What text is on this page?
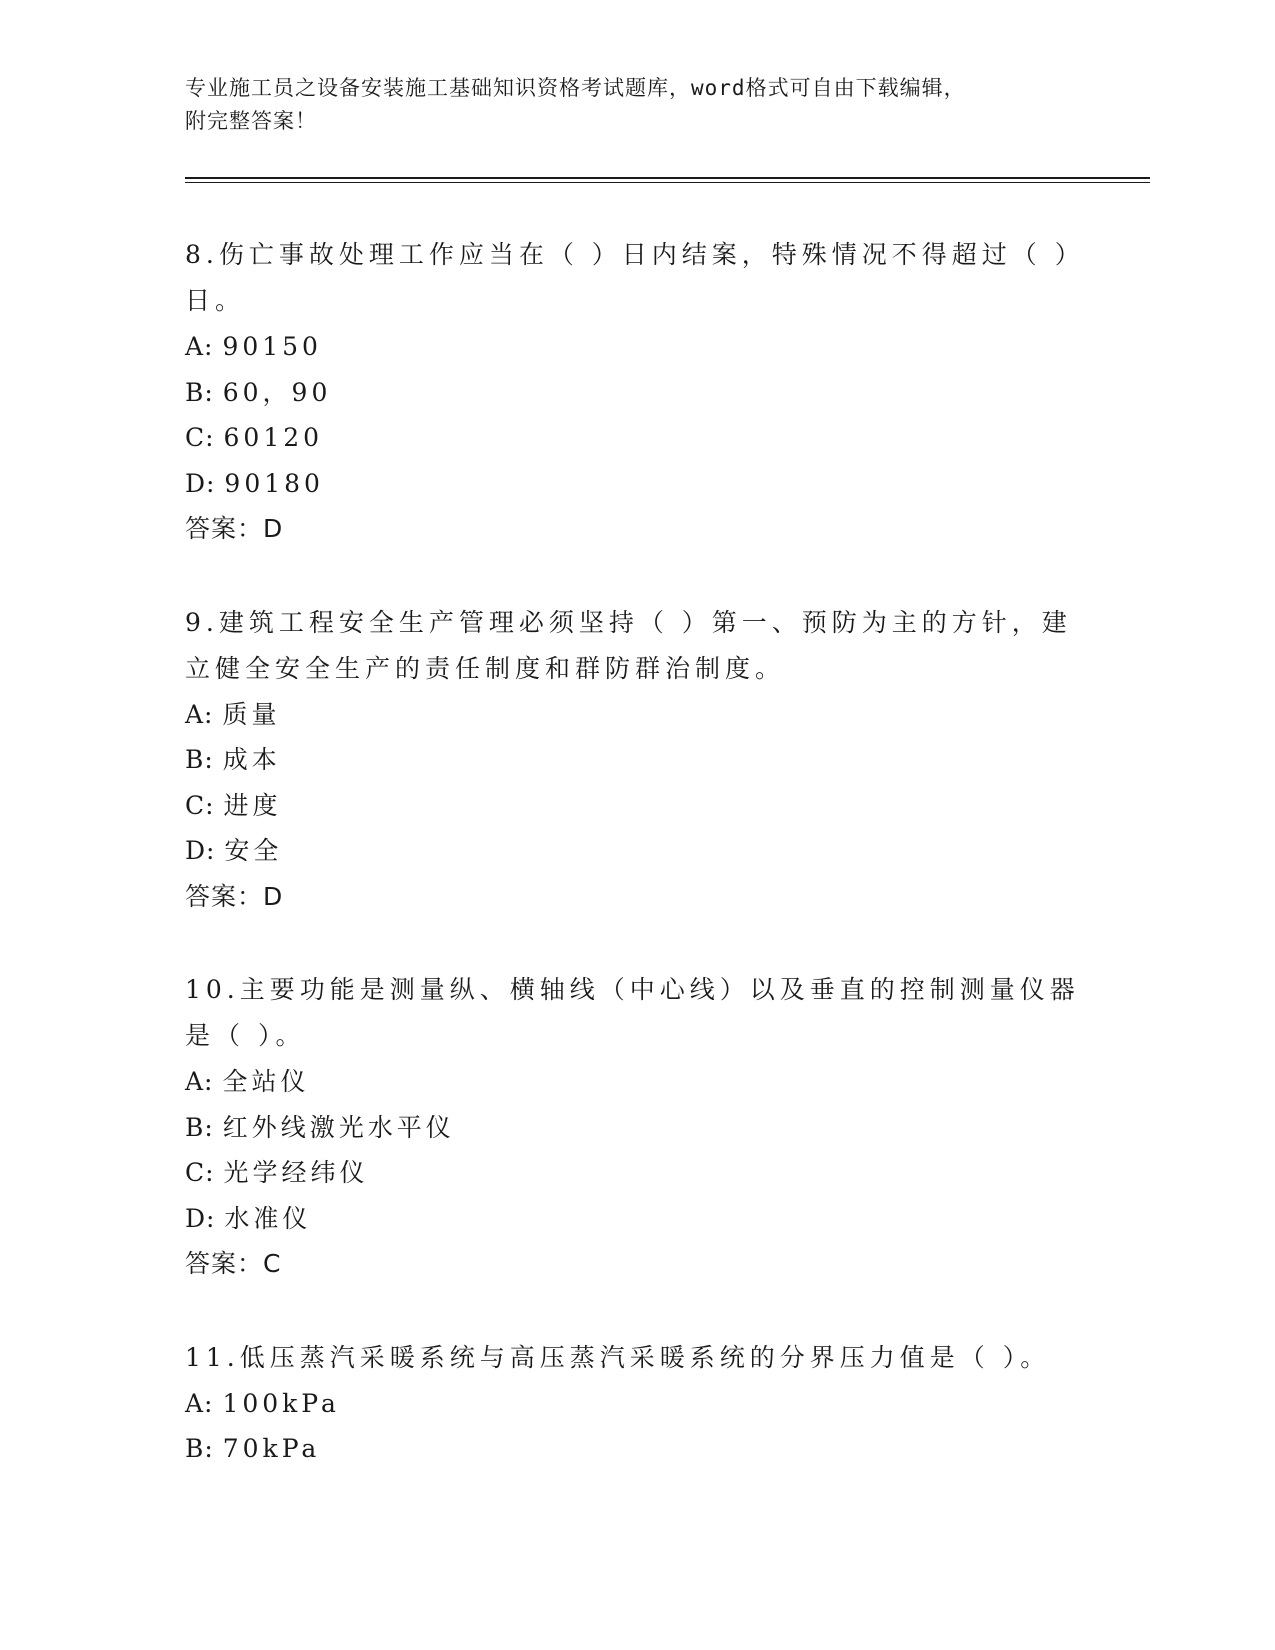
专业施工员之设备安装施工基础知识资格考试题库，word格式可自由下载编辑，
附完整答案！
8.伤亡事故处理工作应当在（ ）日内结案，特殊情况不得超过（ ）日。
A: 90150
B: 60，90
C: 60120
D: 90180
答案：D
9.建筑工程安全生产管理必须坚持（ ）第一、预防为主的方针，建立健全安全生产的责任制度和群防群治制度。
A: 质量
B: 成本
C: 进度
D: 安全
答案：D
10.主要功能是测量纵、横轴线（中心线）以及垂直的控制测量仪器是（ ）。
A: 全站仪
B: 红外线激光水平仪
C: 光学经纬仪
D: 水准仪
答案：C
11.低压蒸汽采暖系统与高压蒸汽采暖系统的分界压力值是（ ）。
A: 100kPa
B: 70kPa
